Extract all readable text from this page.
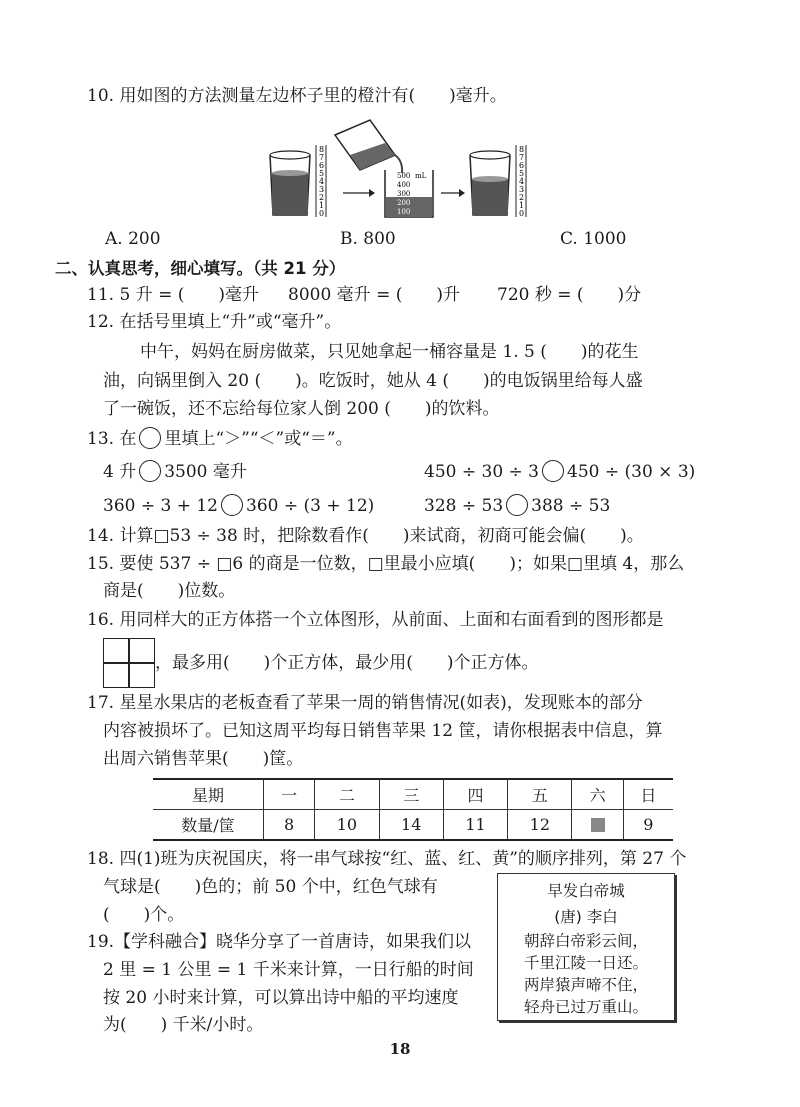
10. 用如图的方法测量左边杯子里的橙汁有(　　)毫升。
8
7
6
5
4
3
2
1
0
500
400
300
200
100
mL
8
7
6
5
4
3
2
1
0
A. 200	B. 800	C. 1000
二、认真思考，细心填写。（共 21 分）
11. 5 升 = (　　)毫升 8000 毫升 = (　　)升 720 秒 = (　　)分
12. 在括号里填上“升”或“毫升”。
中午，妈妈在厨房做菜，只见她拿起一桶容量是 1. 5 (　　)的花生
油，向锅里倒入 20 (　　)。吃饭时，她从 4 (　　)的电饭锅里给每人盛
了一碗饭，还不忘给每位家人倒 200 (　　)的饮料。
13. 在 里填上“＞”“＜”或“＝”。
4 升 3500 毫升	450 ÷ 30 ÷ 3 450 ÷ (30 × 3)
360 ÷ 3 + 12 360 ÷ (3 + 12)	328 ÷ 53 388 ÷ 53
14. 计算□53 ÷ 38 时，把除数看作(　　)来试商，初商可能会偏(　　)。
15. 要使 537 ÷ □6 的商是一位数，□里最小应填(　　)；如果□里填 4，那么
商是(　　)位数。
16. 用同样大的正方体搭一个立体图形，从前面、上面和右面看到的图形都是
，最多用(　　)个正方体，最少用(　　)个正方体。
17. 星星水果店的老板查看了苹果一周的销售情况(如表)，发现账本的部分
内容被损坏了。已知这周平均每日销售苹果 12 筐，请你根据表中信息，算
出周六销售苹果(　　)筐。
星期	一	二	三	四	五	六	日
数量/筐	8	10	14	11	12		9
18. 四(1)班为庆祝国庆，将一串气球按“红、蓝、红、黄”的顺序排列，第 27 个
气球是(　　)色的；前 50 个中，红色气球有
(　　)个。
19.【学科融合】晓华分享了一首唐诗，如果我们以
2 里 = 1 公里 = 1 千米来计算，一日行船的时间
按 20 小时来计算，可以算出诗中船的平均速度
为(　　) 千米/小时。
早发白帝城
(唐) 李白
朝辞白帝彩云间，
千里江陵一日还。
两岸猿声啼不住，
轻舟已过万重山。
18
